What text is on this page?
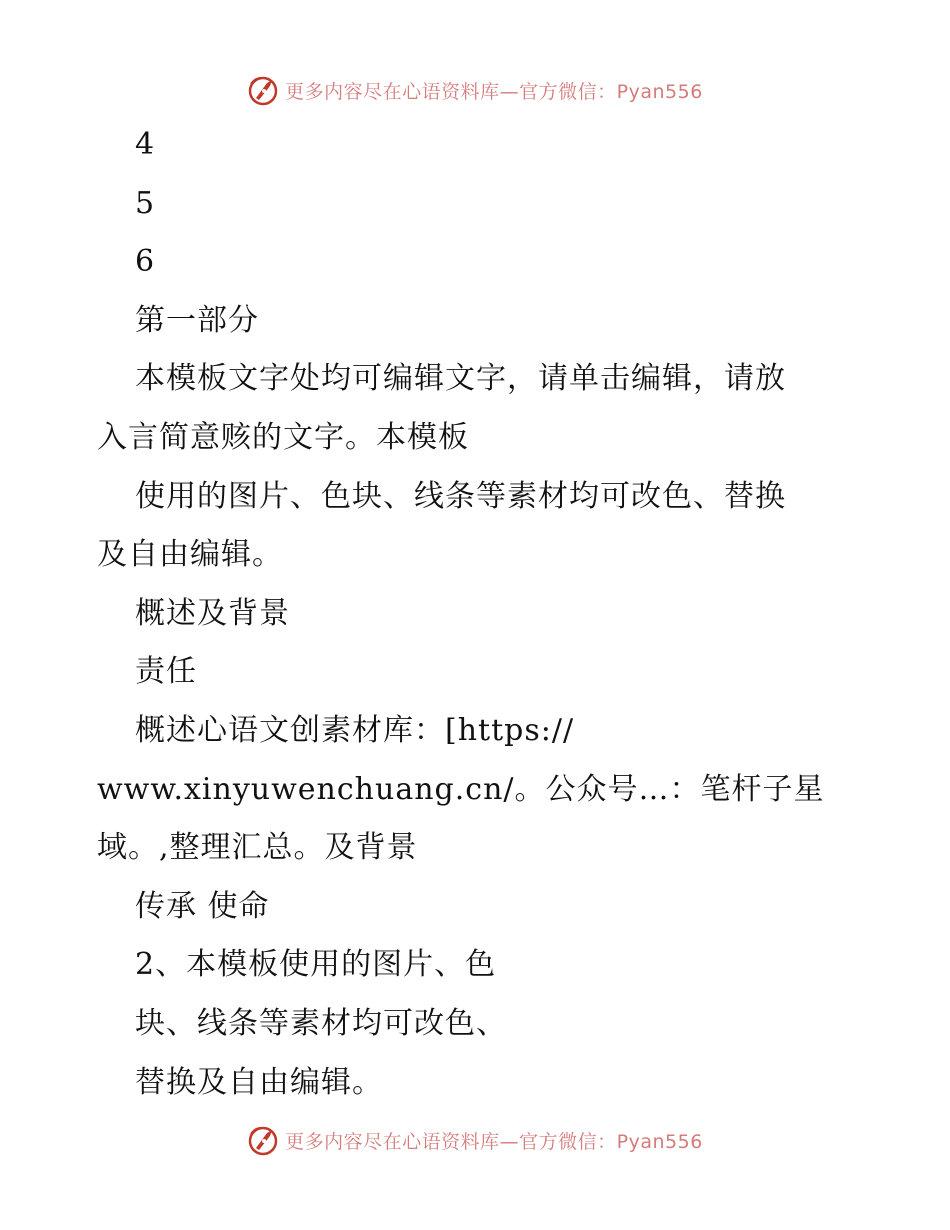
更多内容尽在心语资料库—官方微信：Pyan556
4
5
6
第一部分
本模板文字处均可编辑文字，请单击编辑，请放
入言简意赅的文字。本模板
使用的图片、色块、线条等素材均可改色、替换
及自由编辑。
概述及背景
责任
概述心语文创素材库：[https://
www.xinyuwenchuang.cn/。公众号…：笔杆子星
域。,整理汇总。及背景
传承 使命
2、本模板使用的图片、色
块、线条等素材均可改色、
替换及自由编辑。
更多内容尽在心语资料库—官方微信：Pyan556
